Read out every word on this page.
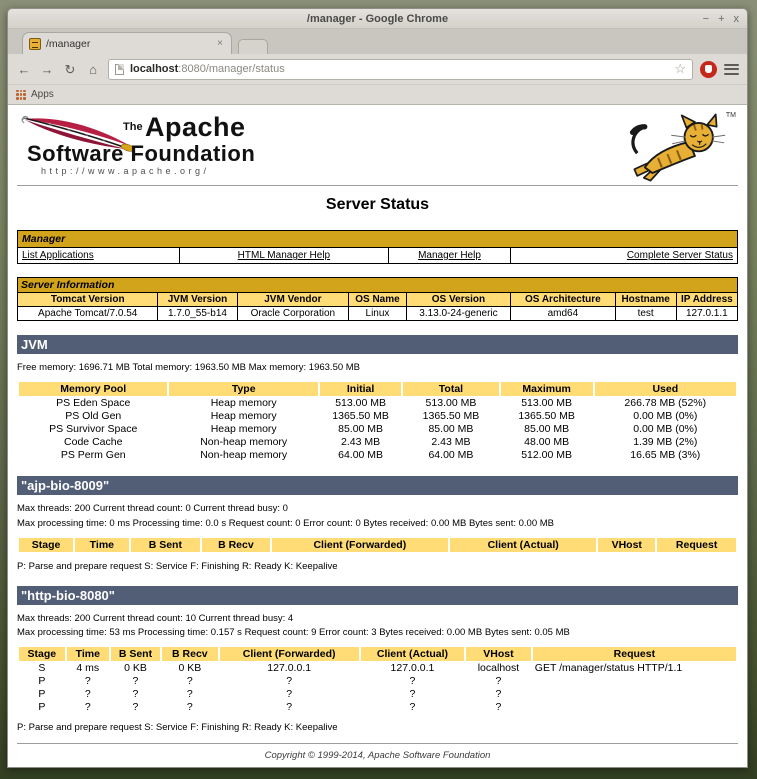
/manager - Google Chrome	− + x
/manager	×
← → ↻	⌂	localhost:8080/manager/status	☆
Apps
The Apache
Software Foundation
http://www.apache.org/
TM
Server Status
Manager
List Applications	HTML Manager Help	Manager Help	Complete Server Status
Server Information							
Tomcat Version	JVM Version	JVM Vendor	OS Name	OS Version	OS Architecture	Hostname	IP Address
Apache Tomcat/7.0.54	1.7.0_55-b14	Oracle Corporation	Linux	3.13.0-24-generic	amd64	test	127.0.1.1
JVM
Free memory: 1696.71 MB Total memory: 1963.50 MB Max memory: 1963.50 MB
Memory Pool	Type	Initial	Total	Maximum	Used
PS Eden Space	Heap memory	513.00 MB	513.00 MB	513.00 MB	266.78 MB (52%)
PS Old Gen	Heap memory	1365.50 MB	1365.50 MB	1365.50 MB	0.00 MB (0%)
PS Survivor Space	Heap memory	85.00 MB	85.00 MB	85.00 MB	0.00 MB (0%)
Code Cache	Non-heap memory	2.43 MB	2.43 MB	48.00 MB	1.39 MB (2%)
PS Perm Gen	Non-heap memory	64.00 MB	64.00 MB	512.00 MB	16.65 MB (3%)
"ajp-bio-8009"
Max threads: 200 Current thread count: 0 Current thread busy: 0
Max processing time: 0 ms Processing time: 0.0 s Request count: 0 Error count: 0 Bytes received: 0.00 MB Bytes sent: 0.00 MB
Stage	Time	B Sent	B Recv	Client (Forwarded)	Client (Actual)	VHost	Request
P: Parse and prepare request S: Service F: Finishing R: Ready K: Keepalive
"http-bio-8080"
Max threads: 200 Current thread count: 10 Current thread busy: 4
Max processing time: 53 ms Processing time: 0.157 s Request count: 9 Error count: 3 Bytes received: 0.00 MB Bytes sent: 0.05 MB
Stage	Time	B Sent	B Recv	Client (Forwarded)	Client (Actual)	VHost	Request
S	4 ms	0 KB	0 KB	127.0.0.1	127.0.0.1	localhost	GET /manager/status HTTP/1.1
P	?	?	?	?	?	?	
P	?	?	?	?	?	?	
P	?	?	?	?	?	?	
P: Parse and prepare request S: Service F: Finishing R: Ready K: Keepalive
Copyright © 1999-2014, Apache Software Foundation
